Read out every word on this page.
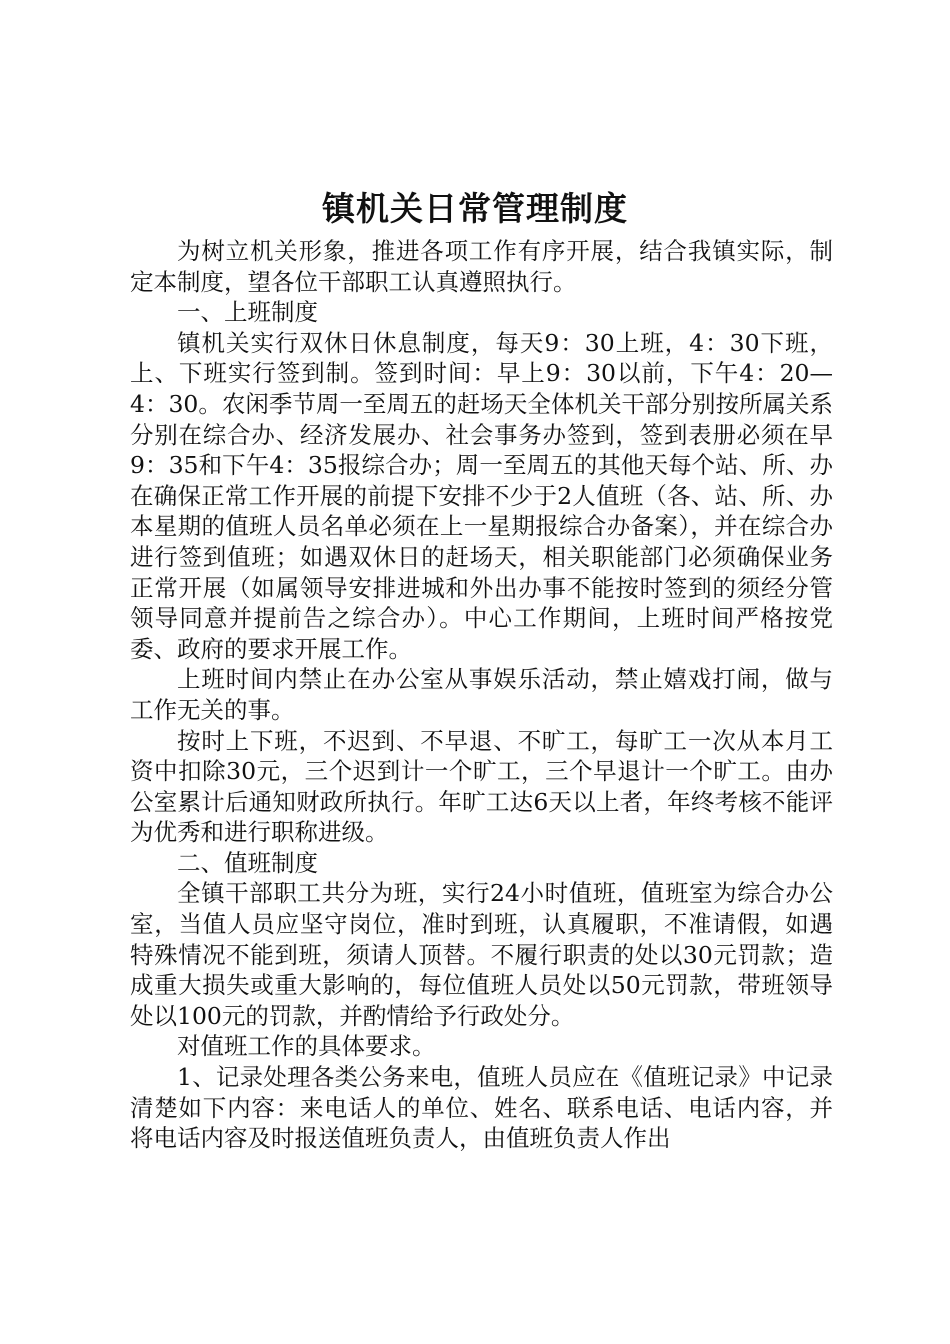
镇机关日常管理制度

为树立机关形象，推进各项工作有序开展，结合我镇实际，制定本制度，望各位干部职工认真遵照执行。

一、上班制度

镇机关实行双休日休息制度，每天9：30上班，4：30下班，上、下班实行签到制。签到时间：早上9：30以前，下午4：20—4：30。农闲季节周一至周五的赶场天全体机关干部分别按所属关系分别在综合办、经济发展办、社会事务办签到，签到表册必须在早9：35和下午4：35报综合办；周一至周五的其他天每个站、所、办在确保正常工作开展的前提下安排不少于2人值班（各、站、所、办本星期的值班人员名单必须在上一星期报综合办备案），并在综合办进行签到值班；如遇双休日的赶场天，相关职能部门必须确保业务正常开展（如属领导安排进城和外出办事不能按时签到的须经分管领导同意并提前告之综合办）。中心工作期间，上班时间严格按党委、政府的要求开展工作。

上班时间内禁止在办公室从事娱乐活动，禁止嬉戏打闹，做与工作无关的事。

按时上下班，不迟到、不早退、不旷工，每旷工一次从本月工资中扣除30元，三个迟到计一个旷工，三个早退计一个旷工。由办公室累计后通知财政所执行。年旷工达6天以上者，年终考核不能评为优秀和进行职称进级。

二、值班制度

全镇干部职工共分为班，实行24小时值班，值班室为综合办公室，当值人员应坚守岗位，准时到班，认真履职，不准请假，如遇特殊情况不能到班，须请人顶替。不履行职责的处以30元罚款；造成重大损失或重大影响的，每位值班人员处以50元罚款，带班领导处以100元的罚款，并酌情给予行政处分。

对值班工作的具体要求。

1、记录处理各类公务来电，值班人员应在《值班记录》中记录清楚如下内容：来电话人的单位、姓名、联系电话、电话内容，并将电话内容及时报送值班负责人，由值班负责人作出
